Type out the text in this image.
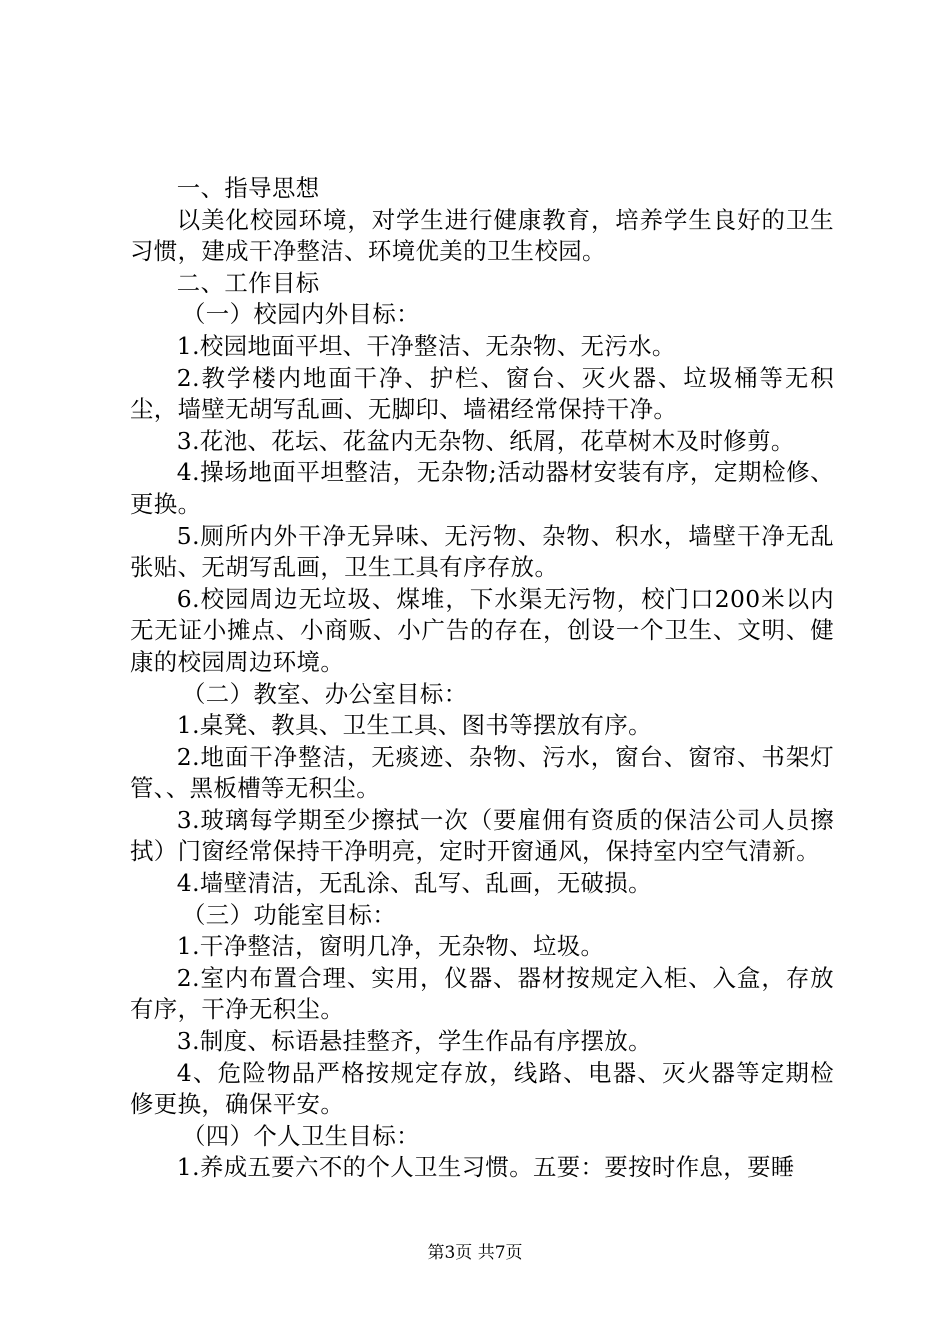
一、指导思想

以美化校园环境，对学生进行健康教育，培养学生良好的卫生习惯，建成干净整洁、环境优美的卫生校园。

二、工作目标

（一）校园内外目标：

1.校园地面平坦、干净整洁、无杂物、无污水。

2.教学楼内地面干净、护栏、窗台、灭火器、垃圾桶等无积尘，墙壁无胡写乱画、无脚印、墙裙经常保持干净。

3.花池、花坛、花盆内无杂物、纸屑，花草树木及时修剪。

4.操场地面平坦整洁，无杂物;活动器材安装有序，定期检修、更换。

5.厕所内外干净无异味、无污物、杂物、积水，墙壁干净无乱张贴、无胡写乱画，卫生工具有序存放。

6.校园周边无垃圾、煤堆，下水渠无污物，校门口200米以内无无证小摊点、小商贩、小广告的存在，创设一个卫生、文明、健康的校园周边环境。

（二）教室、办公室目标：

1.桌凳、教具、卫生工具、图书等摆放有序。

2.地面干净整洁，无痰迹、杂物、污水，窗台、窗帘、书架灯管、、黑板槽等无积尘。

3.玻璃每学期至少擦拭一次（要雇佣有资质的保洁公司人员擦拭）门窗经常保持干净明亮，定时开窗通风，保持室内空气清新。

4.墙壁清洁，无乱涂、乱写、乱画，无破损。

（三）功能室目标：

1.干净整洁，窗明几净，无杂物、垃圾。

2.室内布置合理、实用，仪器、器材按规定入柜、入盒，存放有序，干净无积尘。

3.制度、标语悬挂整齐，学生作品有序摆放。

4、危险物品严格按规定存放，线路、电器、灭火器等定期检修更换，确保平安。

（四）个人卫生目标：

1.养成五要六不的个人卫生习惯。五要：要按时作息，要睡

第3页 共7页
